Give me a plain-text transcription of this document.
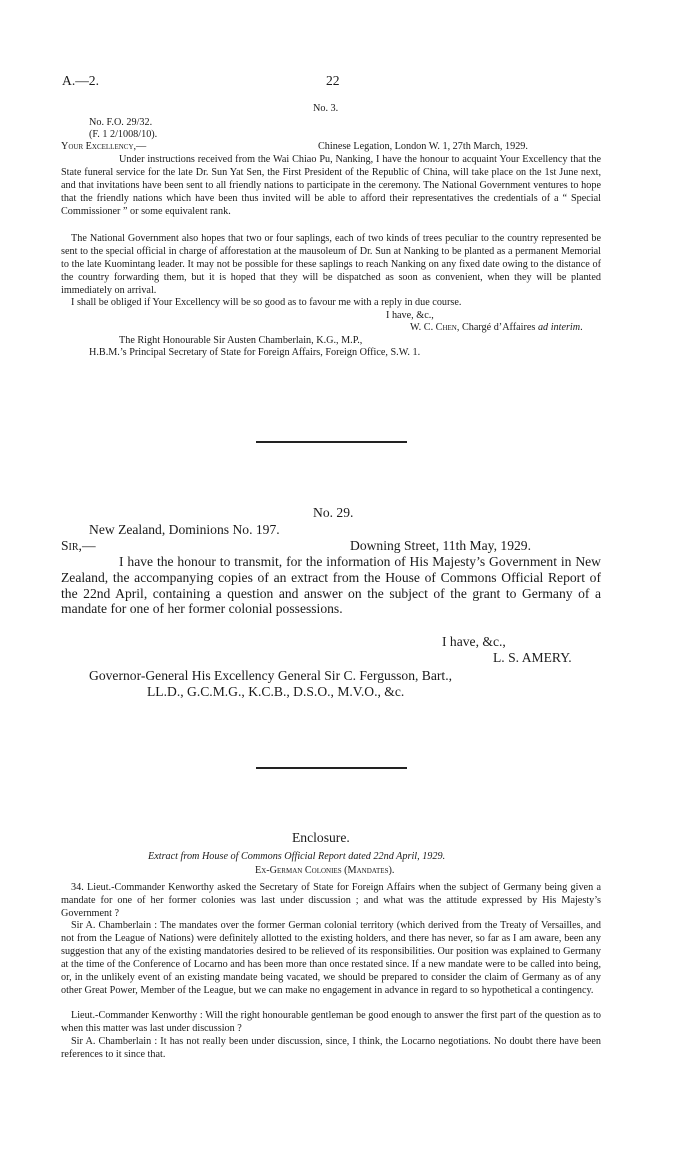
A.—2.	22
No. 3.
No. F.O. 29/32.
(F. 1 2/1008/10).
Your Excellency,—	Chinese Legation, London W. 1, 27th March, 1929.

Under instructions received from the Wai Chiao Pu, Nanking, I have the honour to acquaint Your Excellency that the State funeral service for the late Dr. Sun Yat Sen, the First President of the Republic of China, will take place on the 1st June next, and that invitations have been sent to all friendly nations to participate in the ceremony. The National Government ventures to hope that the friendly nations which have been thus invited will be able to afford their representatives the credentials of a “ Special Commissioner ” or some equivalent rank.

The National Government also hopes that two or four saplings, each of two kinds of trees peculiar to the country represented be sent to the special official in charge of afforestation at the mausoleum of Dr. Sun at Nanking to be planted as a permanent Memorial to the late Kuomintang leader. It may not be possible for these saplings to reach Nanking on any fixed date owing to the distance of the country forwarding them, but it is hoped that they will be dispatched as soon as convenient, when they will be planted immediately on arrival.

I shall be obliged if Your Excellency will be so good as to favour me with a reply in due course.

I have, &c.,
W. C. Chen, Chargé d’Affaires ad interim.
The Right Honourable Sir Austen Chamberlain, K.G., M.P.,
H.B.M.’s Principal Secretary of State for Foreign Affairs, Foreign Office, S.W. 1.
No. 29.
New Zealand, Dominions No. 197.
Sir,—	Downing Street, 11th May, 1929.

I have the honour to transmit, for the information of His Majesty’s Government in New Zealand, the accompanying copies of an extract from the House of Commons Official Report of the 22nd April, containing a question and answer on the subject of the grant to Germany of a mandate for one of her former colonial possessions.

I have, &c.,
L. S. AMERY.
Governor-General His Excellency General Sir C. Fergusson, Bart.,
LL.D., G.C.M.G., K.C.B., D.S.O., M.V.O., &c.
Enclosure.
Extract from House of Commons Official Report dated 22nd April, 1929.
Ex-German Colonies (Mandates).

34. Lieut.-Commander Kenworthy asked the Secretary of State for Foreign Affairs when the subject of Germany being given a mandate for one of her former colonies was last under discussion ; and what was the attitude expressed by His Majesty’s Government ?

Sir A. Chamberlain : The mandates over the former German colonial territory (which derived from the Treaty of Versailles, and not from the League of Nations) were definitely allotted to the existing holders, and there has never, so far as I am aware, been any suggestion that any of the existing mandatories desired to be relieved of its responsibilities. Our position was explained to Germany at the time of the Conference of Locarno and has been more than once restated since. If a new mandate were to be called into being, or, in the unlikely event of an existing mandate being vacated, we should be prepared to consider the claim of Germany as of any other Great Power, Member of the League, but we can make no engagement in advance in regard to so hypothetical a contingency.

Lieut.-Commander Kenworthy : Will the right honourable gentleman be good enough to answer the first part of the question as to when this matter was last under discussion ?

Sir A. Chamberlain : It has not really been under discussion, since, I think, the Locarno negotiations. No doubt there have been references to it since that.
